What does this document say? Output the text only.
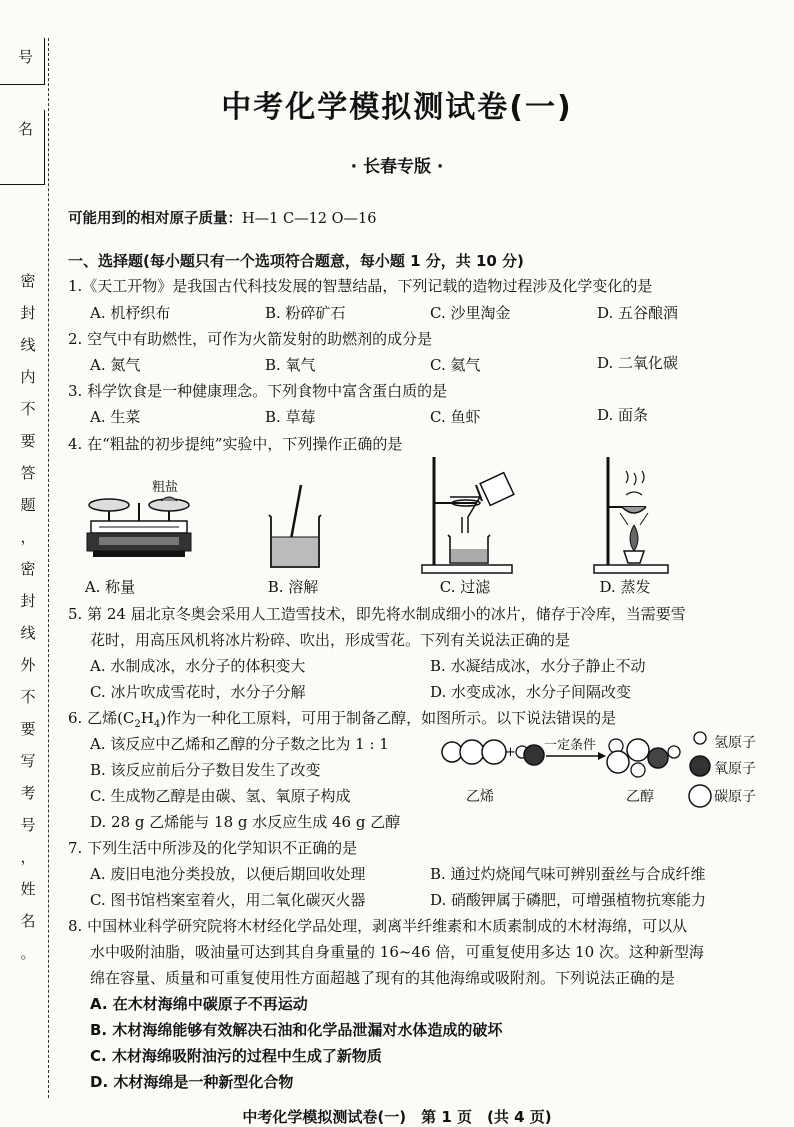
号
名
密
封
线
内
不
要
答
题
，
密
封
线
外
不
要
写
考
号
，
姓
名
。
中考化学模拟测试卷(一)
· 长春专版 ·
可能用到的相对原子质量：H—1 C—12 O—16
一、选择题(每小题只有一个选项符合题意，每小题 1 分，共 10 分)
1.《天工开物》是我国古代科技发展的智慧结晶，下列记载的造物过程涉及化学变化的是
A. 机杼织布	B. 粉碎矿石	C. 沙里淘金	D. 五谷酿酒
2. 空气中有助燃性，可作为火箭发射的助燃剂的成分是
A. 氮气	B. 氧气	C. 氦气	D. 二氧化碳
3. 科学饮食是一种健康理念。下列食物中富含蛋白质的是
A. 生菜	B. 草莓	C. 鱼虾	D. 面条
4. 在“粗盐的初步提纯”实验中，下列操作正确的是
粗盐
A. 称量	B. 溶解	C. 过滤	D. 蒸发
5. 第 24 届北京冬奥会采用人工造雪技术，即先将水制成细小的冰片，储存于冷库，当需要雪
花时，用高压风机将冰片粉碎、吹出，形成雪花。下列有关说法正确的是
A. 水制成冰，水分子的体积变大	B. 水凝结成冰，水分子静止不动
C. 冰片吹成雪花时，水分子分解	D. 水变成冰，水分子间隔改变
6. 乙烯$(C_2H_4)$作为一种化工原料，可用于制备乙醇，如图所示。以下说法错误的是
A. 该反应中乙烯和乙醇的分子数之比为 1 : 1
B. 该反应前后分子数目发生了改变
C. 生成物乙醇是由碳、氢、氧原子构成
D. 28 g 乙烯能与 18 g 水反应生成 46 g 乙醇
+ 一定条件
乙烯	乙醇
氢原子
氧原子
碳原子
7. 下列生活中所涉及的化学知识不正确的是
A. 废旧电池分类投放，以便后期回收处理	B. 通过灼烧闻气味可辨别蚕丝与合成纤维
C. 图书馆档案室着火，用二氧化碳灭火器	D. 硝酸钾属于磷肥，可增强植物抗寒能力
8. 中国林业科学研究院将木材经化学品处理，剥离半纤维素和木质素制成的木材海绵，可以从
水中吸附油脂，吸油量可达到其自身重量的 16~46 倍，可重复使用多达 10 次。这种新型海
绵在容量、质量和可重复使用性方面超越了现有的其他海绵或吸附剂。下列说法正确的是
A. 在木材海绵中碳原子不再运动
B. 木材海绵能够有效解决石油和化学品泄漏对水体造成的破坏
C. 木材海绵吸附油污的过程中生成了新物质
D. 木材海绵是一种新型化合物
中考化学模拟测试卷(一)　第 1 页　(共 4 页)
